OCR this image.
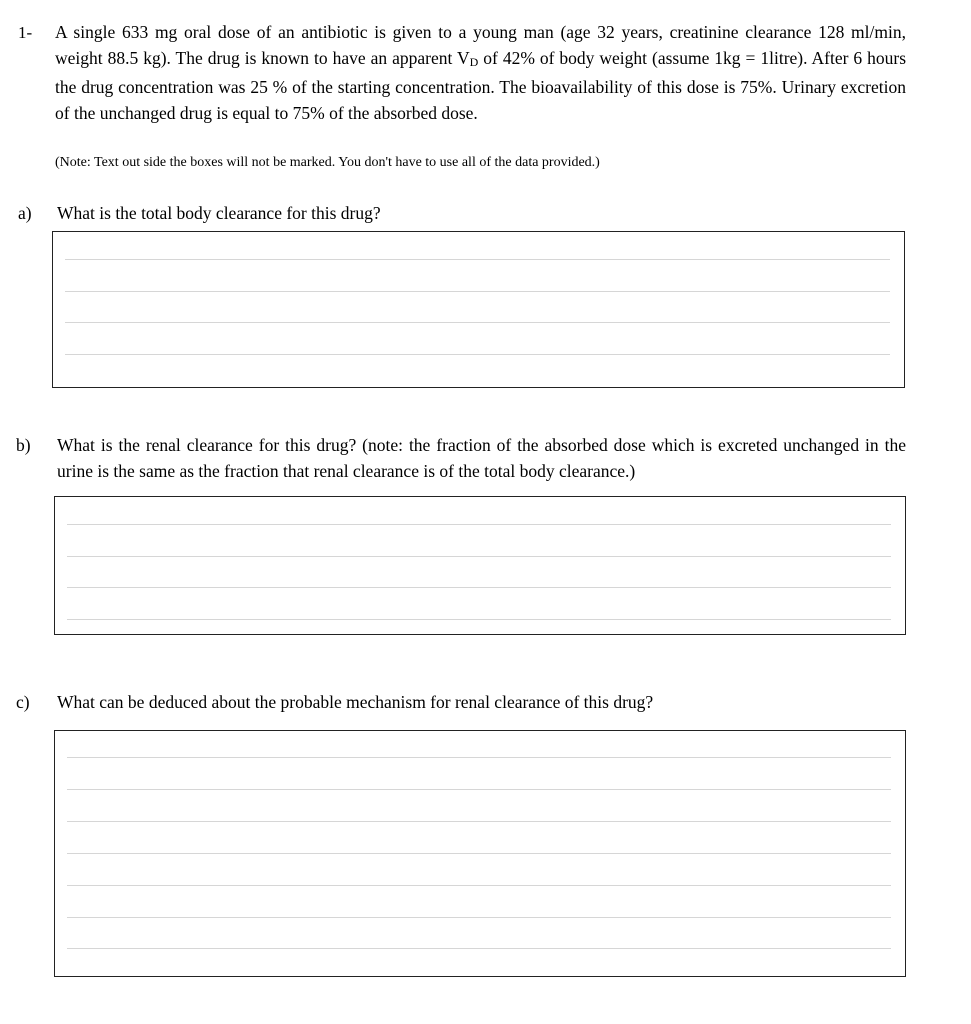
1- A single 633 mg oral dose of an antibiotic is given to a young man (age 32 years, creatinine clearance 128 ml/min, weight 88.5 kg). The drug is known to have an apparent $V_D$ of 42% of body weight (assume 1kg = 1litre). After 6 hours the drug concentration was 25 % of the starting concentration. The bioavailability of this dose is 75%. Urinary excretion of the unchanged drug is equal to 75% of the absorbed dose.
(Note: Text out side the boxes will not be marked. You don't have to use all of the data provided.)
a) What is the total body clearance for this drug?
b) What is the renal clearance for this drug? (note: the fraction of the absorbed dose which is excreted unchanged in the urine is the same as the fraction that renal clearance is of the total body clearance.)
c) What can be deduced about the probable mechanism for renal clearance of this drug?
